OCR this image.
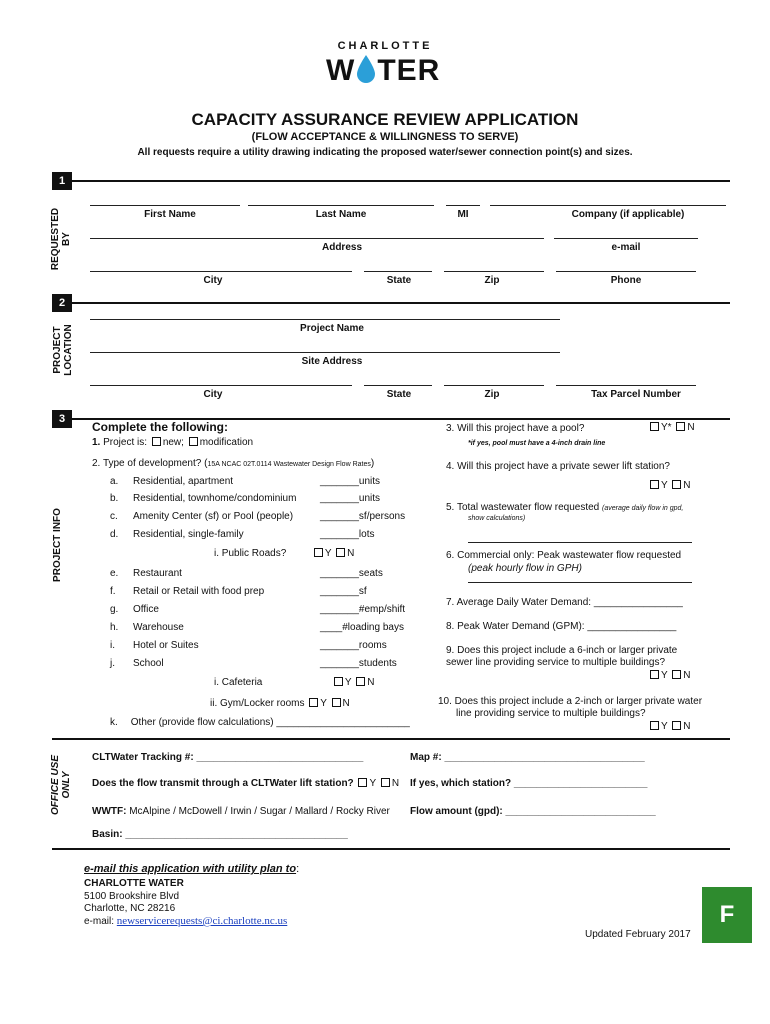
CHARLOTTE
W TER
CAPACITY ASSURANCE REVIEW APPLICATION
(FLOW ACCEPTANCE & WILLINGNESS TO SERVE)
All requests require a utility drawing indicating the proposed water/sewer connection point(s) and sizes.
1
REQUESTED
BY
First Name	Last Name	MI	Company (if applicable)
Address	e-mail
City	State	Zip	Phone
2
PROJECT
LOCATION	Project Name
Site Address
City	State	Zip	Tax Parcel Number
3
PROJECT INFO
Complete the following:
1. Project is: new; modification
2. Type of development? (15A NCAC 02T.0114 Wastewater Design Flow Rates)
a. Residential, apartment	_______units
b. Residential, townhome/condominium _______units
c. Amenity Center (sf) or Pool (people)	_______sf/persons
d. Residential, single-family	_______lots
e. Restaurant	_______seats
f. Retail or Retail with food prep	_______sf
g. Office	_______#emp/shift
h. Warehouse	____#loading bays
i. Hotel or Suites	_______rooms
j. School	_______students
i. Public Roads?	Y N
i. Cafeteria	Y N
ii. Gym/Locker rooms Y N
k. Other (provide flow calculations) ________________________
3. Will this project have a pool?	Y* N
*if yes, pool must have a 4-inch drain line
4. Will this project have a private sewer lift station?
Y N
5. Total wastewater flow requested (average daily flow in gpd,
show calculations)
6. Commercial only: Peak wastewater flow requested
(peak hourly flow in GPH)
7. Average Daily Water Demand: ________________
8. Peak Water Demand (GPM): ________________
9. Does this project include a 6-inch or larger private
sewer line providing service to multiple buildings?
Y N
10. Does this project include a 2-inch or larger private water
line providing service to multiple buildings?
Y N
OFFICE USE
ONLY
CLTWater Tracking #: ______________________________	Map #: ____________________________________
Does the flow transmit through a CLTWater lift station? Y N If yes, which station? ________________________
WWTF: McAlpine / McDowell / Irwin / Sugar / Mallard / Rocky River Flow amount (gpd): ___________________________
Basin: ________________________________________
e-mail this application with utility plan to:
CHARLOTTE WATER
5100 Brookshire Blvd
Charlotte, NC 28216
e-mail: newservicerequests@ci.charlotte.nc.us
Updated February 2017
F
